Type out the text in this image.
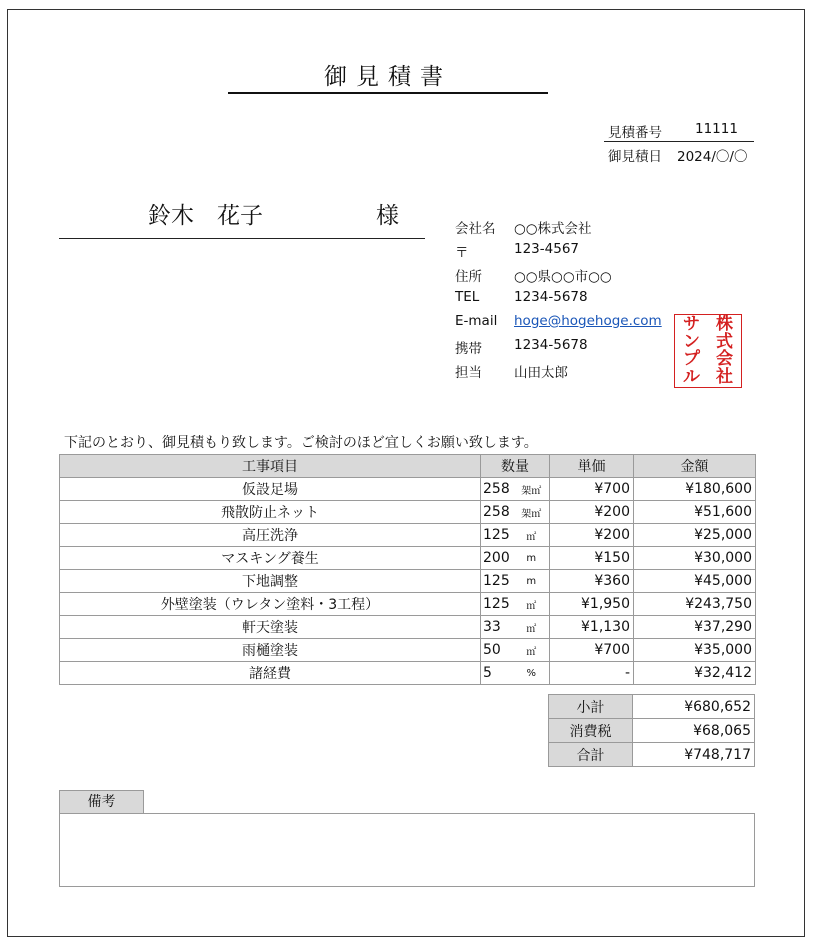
御見積書
見積番号 11111
御見積日 2024/〇/〇
鈴木　花子	様	会社名 ○○株式会社
〒	123-4567
住所 ○○県○○市○○
TEL	1234-5678
E-mail hoge@hogehoge.com
携帯 1234-5678
担当 山田太郎
株
式
会
社
サ
ン
プ
ル
下記のとおり、御見積もり致します。ご検討のほど宜しくお願い致します。
工事項目	数量		単価	金額
仮設足場	258	架㎡	¥700	¥180,600
飛散防止ネット	258	架㎡	¥200	¥51,600
高圧洗浄	125	㎡	¥200	¥25,000
マスキング養生	200	m	¥150	¥30,000
下地調整	125	m	¥360	¥45,000
外壁塗装（ウレタン塗料・3工程）	125	㎡	¥1,950	¥243,750
軒天塗装	33	㎡	¥1,130	¥37,290
雨樋塗装	50	㎡	¥700	¥35,000
諸経費	5	%	-	¥32,412
小計	¥680,652
消費税	¥68,065
合計	¥748,717
備考
